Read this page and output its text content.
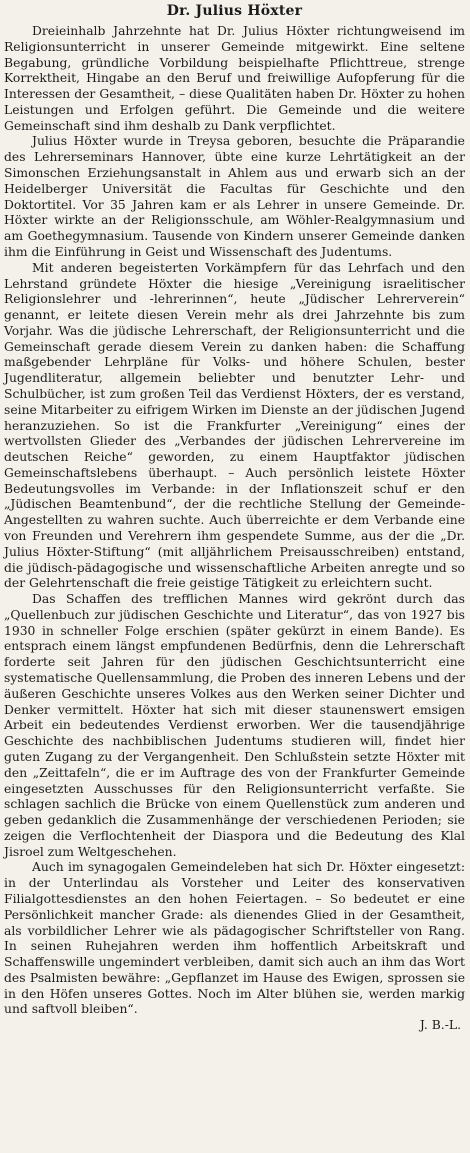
Dr. Julius Höxter

Dreieinhalb Jahrzehnte hat Dr. Julius Höxter richtungweisend im Religionsunterricht in unserer Gemeinde mitgewirkt. Eine seltene Begabung, gründliche Vorbildung beispielhafte Pflichttreue, strenge Korrektheit, Hingabe an den Beruf und freiwillige Aufopferung für die Interessen der Gesamtheit, – diese Qualitäten haben Dr. Höxter zu hohen Leistungen und Erfolgen geführt. Die Gemeinde und die weitere Gemeinschaft sind ihm deshalb zu Dank verpflichtet.

Julius Höxter wurde in Treysa geboren, besuchte die Präparandie des Lehrerseminars Hannover, übte eine kurze Lehrtätigkeit an der Simonschen Erziehungsanstalt in Ahlem aus und erwarb sich an der Heidelberger Universität die Facultas für Geschichte und den Doktortitel. Vor 35 Jahren kam er als Lehrer in unsere Gemeinde. Dr. Höxter wirkte an der Religionsschule, am Wöhler-Realgymnasium und am Goethegymnasium. Tausende von Kindern unserer Gemeinde danken ihm die Einführung in Geist und Wissenschaft des Judentums.

Mit anderen begeisterten Vorkämpfern für das Lehrfach und den Lehrstand gründete Höxter die hiesige „Vereinigung israelitischer Religionslehrer und -lehrerinnen“, heute „Jüdischer Lehrerverein“ genannt, er leitete diesen Verein mehr als drei Jahrzehnte bis zum Vorjahr. Was die jüdische Lehrerschaft, der Religionsunterricht und die Gemeinschaft gerade diesem Verein zu danken haben: die Schaffung maßgebender Lehrpläne für Volks- und höhere Schulen, bester Jugendliteratur, allgemein beliebter und benutzter Lehr- und Schulbücher, ist zum großen Teil das Verdienst Höxters, der es verstand, seine Mitarbeiter zu eifrigem Wirken im Dienste an der jüdischen Jugend heranzuziehen. So ist die Frankfurter „Vereinigung“ eines der wertvollsten Glieder des „Verbandes der jüdischen Lehrervereine im deutschen Reiche“ geworden, zu einem Hauptfaktor jüdischen Gemeinschaftslebens überhaupt. – Auch persönlich leistete Höxter Bedeutungsvolles im Verbande: in der Inflationszeit schuf er den „Jüdischen Beamtenbund“, der die rechtliche Stellung der Gemeinde-Angestellten zu wahren suchte. Auch überreichte er dem Verbande eine von Freunden und Verehrern ihm gespendete Summe, aus der die „Dr. Julius Höxter-Stiftung“ (mit alljährlichem Preisausschreiben) entstand, die jüdisch-pädagogische und wissenschaftliche Arbeiten anregte und so der Gelehrtenschaft die freie geistige Tätigkeit zu erleichtern sucht.

Das Schaffen des trefflichen Mannes wird gekrönt durch das „Quellenbuch zur jüdischen Geschichte und Literatur“, das von 1927 bis 1930 in schneller Folge erschien (später gekürzt in einem Bande). Es entsprach einem längst empfundenen Bedürfnis, denn die Lehrerschaft forderte seit Jahren für den jüdischen Geschichtsunterricht eine systematische Quellensammlung, die Proben des inneren Lebens und der äußeren Geschichte unseres Volkes aus den Werken seiner Dichter und Denker vermittelt. Höxter hat sich mit dieser staunenswert emsigen Arbeit ein bedeutendes Verdienst erworben. Wer die tausendjährige Geschichte des nachbiblischen Judentums studieren will, findet hier guten Zugang zu der Vergangenheit. Den Schlußstein setzte Höxter mit den „Zeittafeln“, die er im Auftrage des von der Frankfurter Gemeinde eingesetzten Ausschusses für den Religionsunterricht verfaßte. Sie schlagen sachlich die Brücke von einem Quellenstück zum anderen und geben gedanklich die Zusammenhänge der verschiedenen Perioden; sie zeigen die Verflochtenheit der Diaspora und die Bedeutung des Klal Jisroel zum Weltgeschehen.

Auch im synagogalen Gemeindeleben hat sich Dr. Höxter eingesetzt: in der Unterlindau als Vorsteher und Leiter des konservativen Filialgottesdienstes an den hohen Feiertagen. – So bedeutet er eine Persönlichkeit mancher Grade: als dienendes Glied in der Gesamtheit, als vorbildlicher Lehrer wie als pädagogischer Schriftsteller von Rang. In seinen Ruhejahren werden ihm hoffentlich Arbeitskraft und Schaffenswille ungemindert verbleiben, damit sich auch an ihm das Wort des Psalmisten bewähre: „Gepflanzet im Hause des Ewigen, sprossen sie in den Höfen unseres Gottes. Noch im Alter blühen sie, werden markig und saftvoll bleiben“.

J. B.-L.
